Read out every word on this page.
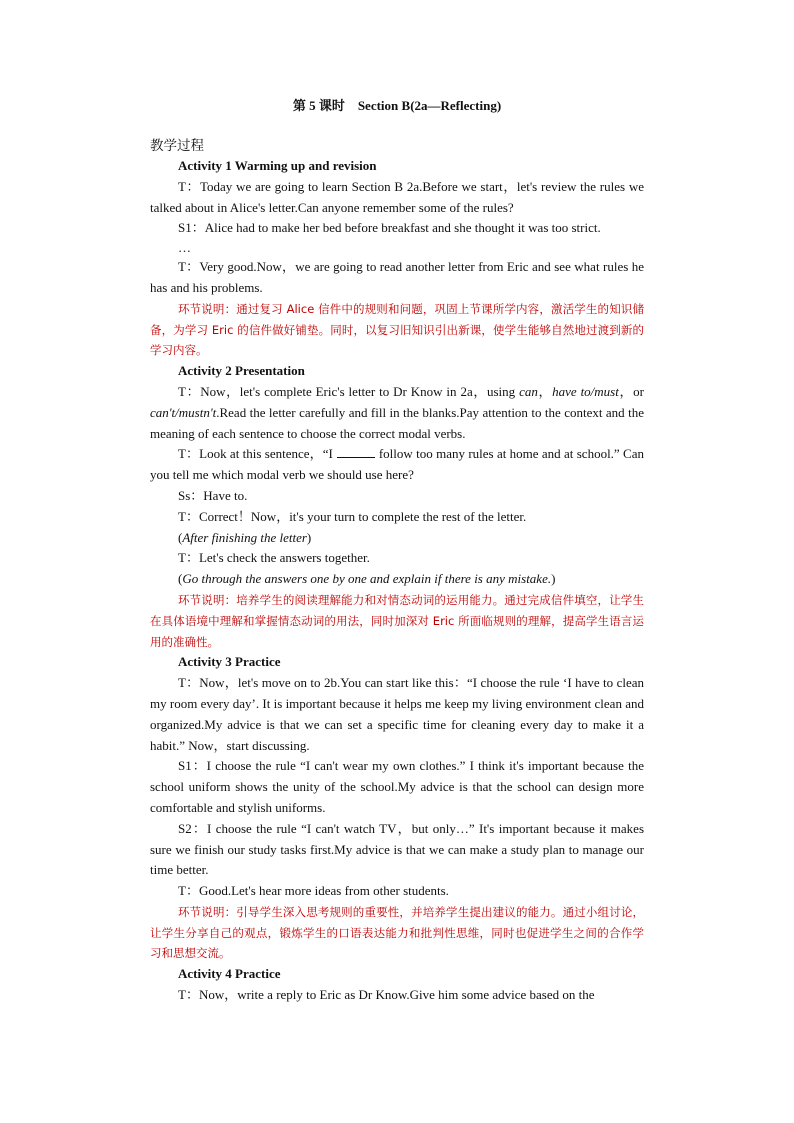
第 5 课时　Section B(2a—Reflecting)
教学过程
Activity 1 Warming up and revision

T：Today we are going to learn Section B 2a.Before we start，let's review the rules we talked about in Alice's letter.Can anyone remember some of the rules?

S1：Alice had to make her bed before breakfast and she thought it was too strict.

…

T：Very good.Now，we are going to read another letter from Eric and see what rules he has and his problems.

环节说明：通过复习 Alice 信件中的规则和问题，巩固上节课所学内容，激活学生的知识储备，为学习 Eric 的信件做好铺垫。同时，以复习旧知识引出新课，使学生能够自然地过渡到新的学习内容。
Activity 2 Presentation

T：Now，let's complete Eric's letter to Dr Know in 2a，using can，have to/must，or can't/mustn't.Read the letter carefully and fill in the blanks.Pay attention to the context and the meaning of each sentence to choose the correct modal verbs.

T：Look at this sentence，“I	follow too many rules at home and at school.” Can you tell me which modal verb we should use here?

Ss：Have to.

T：Correct！Now，it's your turn to complete the rest of the letter.

(After finishing the letter)

T：Let's check the answers together.

(Go through the answers one by one and explain if there is any mistake.)

环节说明：培养学生的阅读理解能力和对情态动词的运用能力。通过完成信件填空，让学生在具体语境中理解和掌握情态动词的用法，同时加深对 Eric 所面临规则的理解，提高学生语言运用的准确性。
Activity 3 Practice

T：Now，let's move on to 2b.You can start like this：“I choose the rule ‘I have to clean my room every day’. It is important because it helps me keep my living environment clean and organized.My advice is that we can set a specific time for cleaning every day to make it a habit.” Now，start discussing.

S1：I choose the rule “I can't wear my own clothes.” I think it's important because the school uniform shows the unity of the school.My advice is that the school can design more comfortable and stylish uniforms.

S2：I choose the rule “I can't watch TV，but only…” It's important because it makes sure we finish our study tasks first.My advice is that we can make a study plan to manage our time better.

T：Good.Let's hear more ideas from other students.

环节说明：引导学生深入思考规则的重要性，并培养学生提出建议的能力。通过小组讨论，让学生分享自己的观点，锻炼学生的口语表达能力和批判性思维，同时也促进学生之间的合作学习和思想交流。
Activity 4 Practice

T：Now，write a reply to Eric as Dr Know.Give him some advice based on the
